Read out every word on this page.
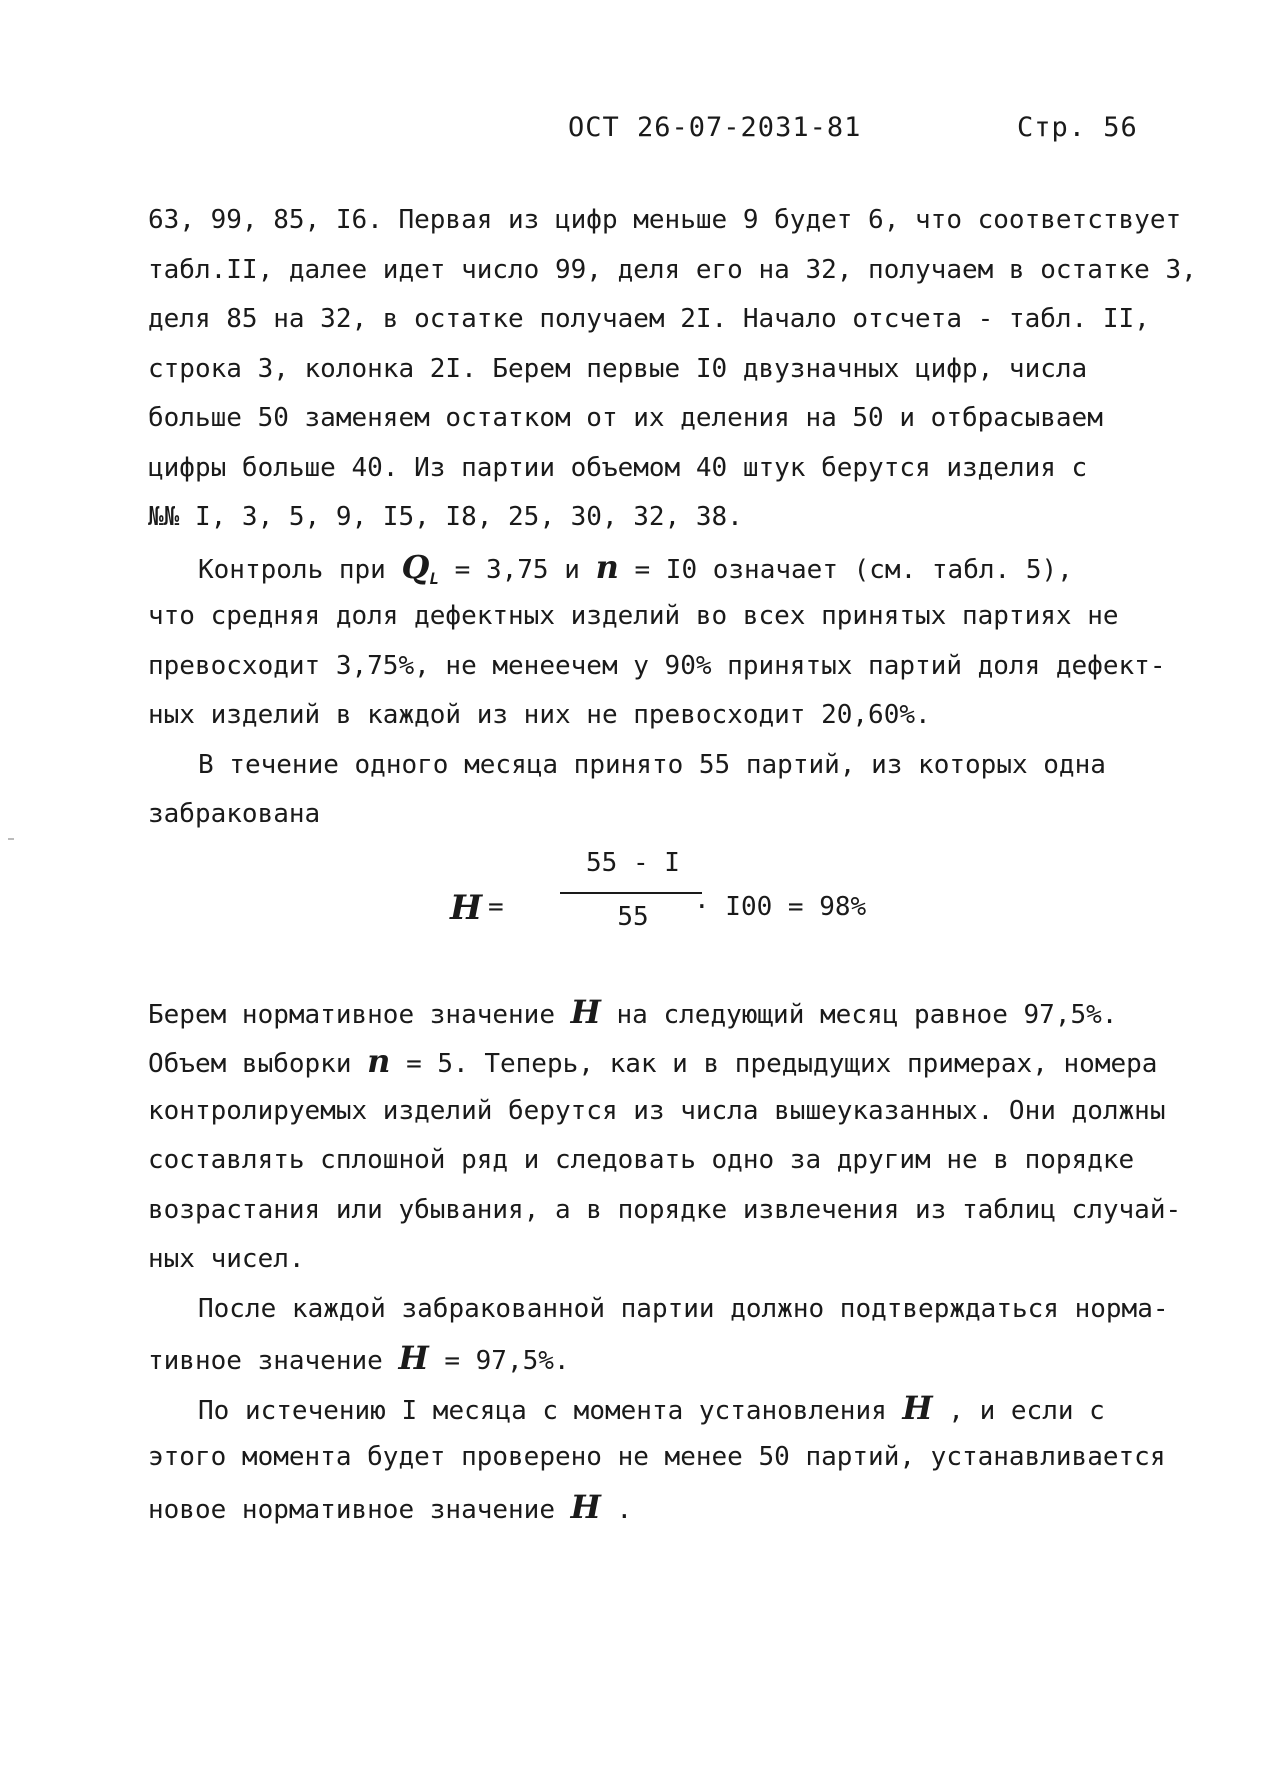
ОСТ 26-07-2031-81	Стр. 56
63, 99, 85, I6. Первая из цифр меньше 9 будет 6, что соответствует
табл.II, далее идет число 99, деля его на 32, получаем в остатке 3,
деля 85 на 32, в остатке получаем 2I. Начало отсчета - табл. II,
строка 3, колонка 2I. Берем первые I0 двузначных цифр, числа
больше 50 заменяем остатком от их деления на 50 и отбрасываем
цифры больше 40. Из партии объемом 40 штук берутся изделия с
№№ I, 3, 5, 9, I5, I8, 25, 30, 32, 38.
Контроль при $Q_L = 3,75$ и n = I0 означает (см. табл. 5),
что средняя доля дефектных изделий во всех принятых партиях не
превосходит 3,75%, не менеечем у 90% принятых партий доля дефект-
ных изделий в каждой из них не превосходит 20,60%.
В течение одного месяца принято 55 партий, из которых одна
забракована
Берем нормативное значение H на следующий месяц равное 97,5%.
Объем выборки n = 5. Теперь, как и в предыдущих примерах, номера
контролируемых изделий берутся из числа вышеуказанных. Они должны
составлять сплошной ряд и следовать одно за другим не в порядке
возрастания или убывания, а в порядке извлечения из таблиц случай-
ных чисел.
После каждой забракованной партии должно подтверждаться норма-
тивное значение H = 97,5%.
По истечению I месяца с момента установления H , и если с
этого момента будет проверено не менее 50 партий, устанавливается
новое нормативное значение H .
H =
55 - I
55	· I00 = 98%
